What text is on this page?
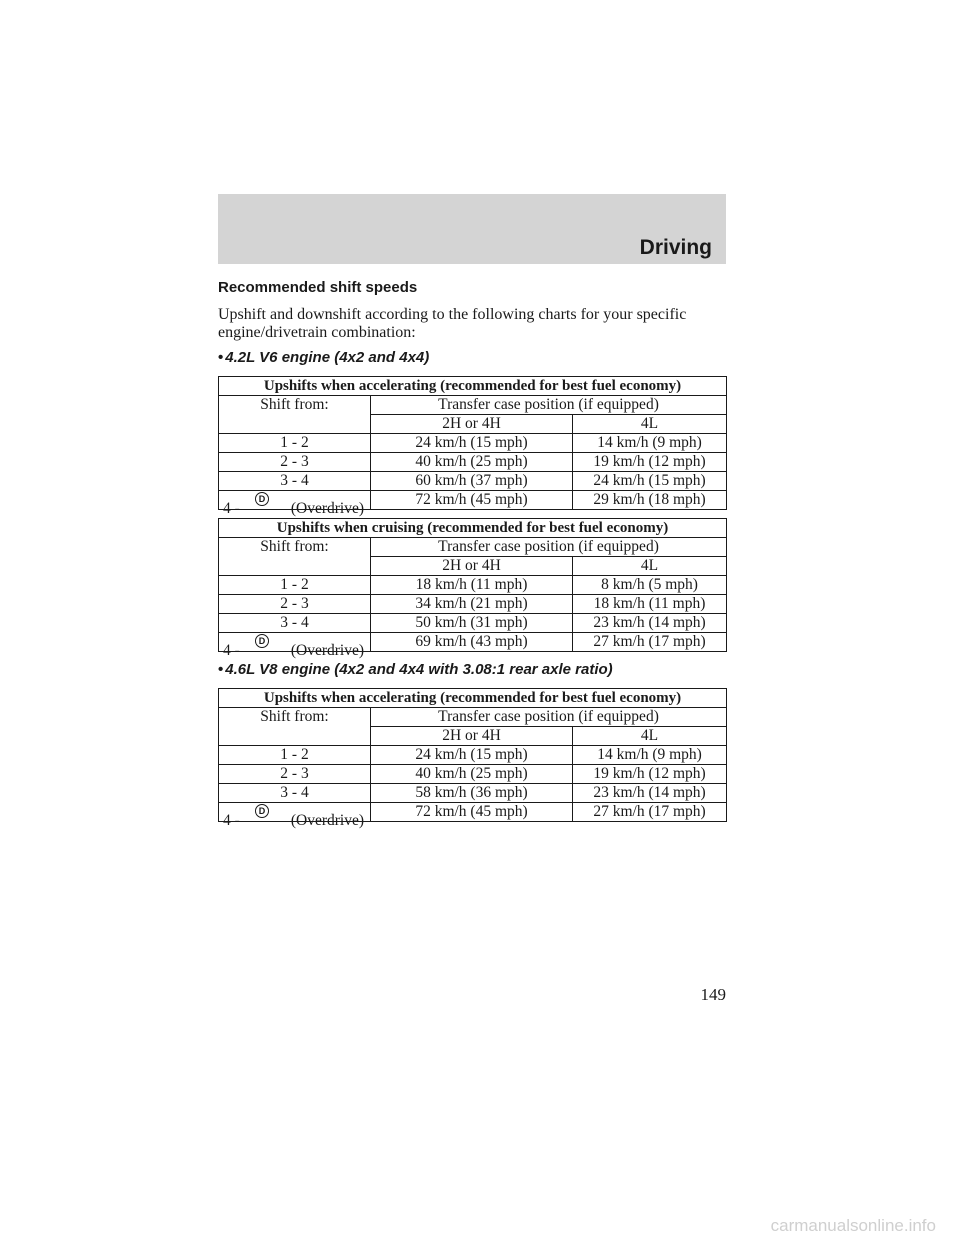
Driving
Recommended shift speeds
Upshift and downshift according to the following charts for your specific engine/drivetrain combination:
• 4.2L V6 engine (4x2 and 4x4)
Upshifts when accelerating (recommended for best fuel economy)		
Shift from:	Transfer case position (if equipped)	
	2H or 4H	4L
1 - 2	24 km/h (15 mph)	14 km/h (9 mph)
2 - 3	40 km/h (25 mph)	19 km/h (12 mph)
3 - 4	60 km/h (37 mph)	24 km/h (15 mph)

4 -
D
(Overdrive)	72 km/h (45 mph)	29 km/h (18 mph)
Upshifts when cruising (recommended for best fuel economy)		
Shift from:	Transfer case position (if equipped)	
	2H or 4H	4L
1 - 2	18 km/h (11 mph)	8 km/h (5 mph)
2 - 3	34 km/h (21 mph)	18 km/h (11 mph)
3 - 4	50 km/h (31 mph)	23 km/h (14 mph)

4 -
D
(Overdrive)	69 km/h (43 mph)	27 km/h (17 mph)
• 4.6L V8 engine (4x2 and 4x4 with 3.08:1 rear axle ratio)
Upshifts when accelerating (recommended for best fuel economy)		
Shift from:	Transfer case position (if equipped)	
	2H or 4H	4L
1 - 2	24 km/h (15 mph)	14 km/h (9 mph)
2 - 3	40 km/h (25 mph)	19 km/h (12 mph)
3 - 4	58 km/h (36 mph)	23 km/h (14 mph)

4 -
D
(Overdrive)	72 km/h (45 mph)	27 km/h (17 mph)
149
carmanualsonline.info
